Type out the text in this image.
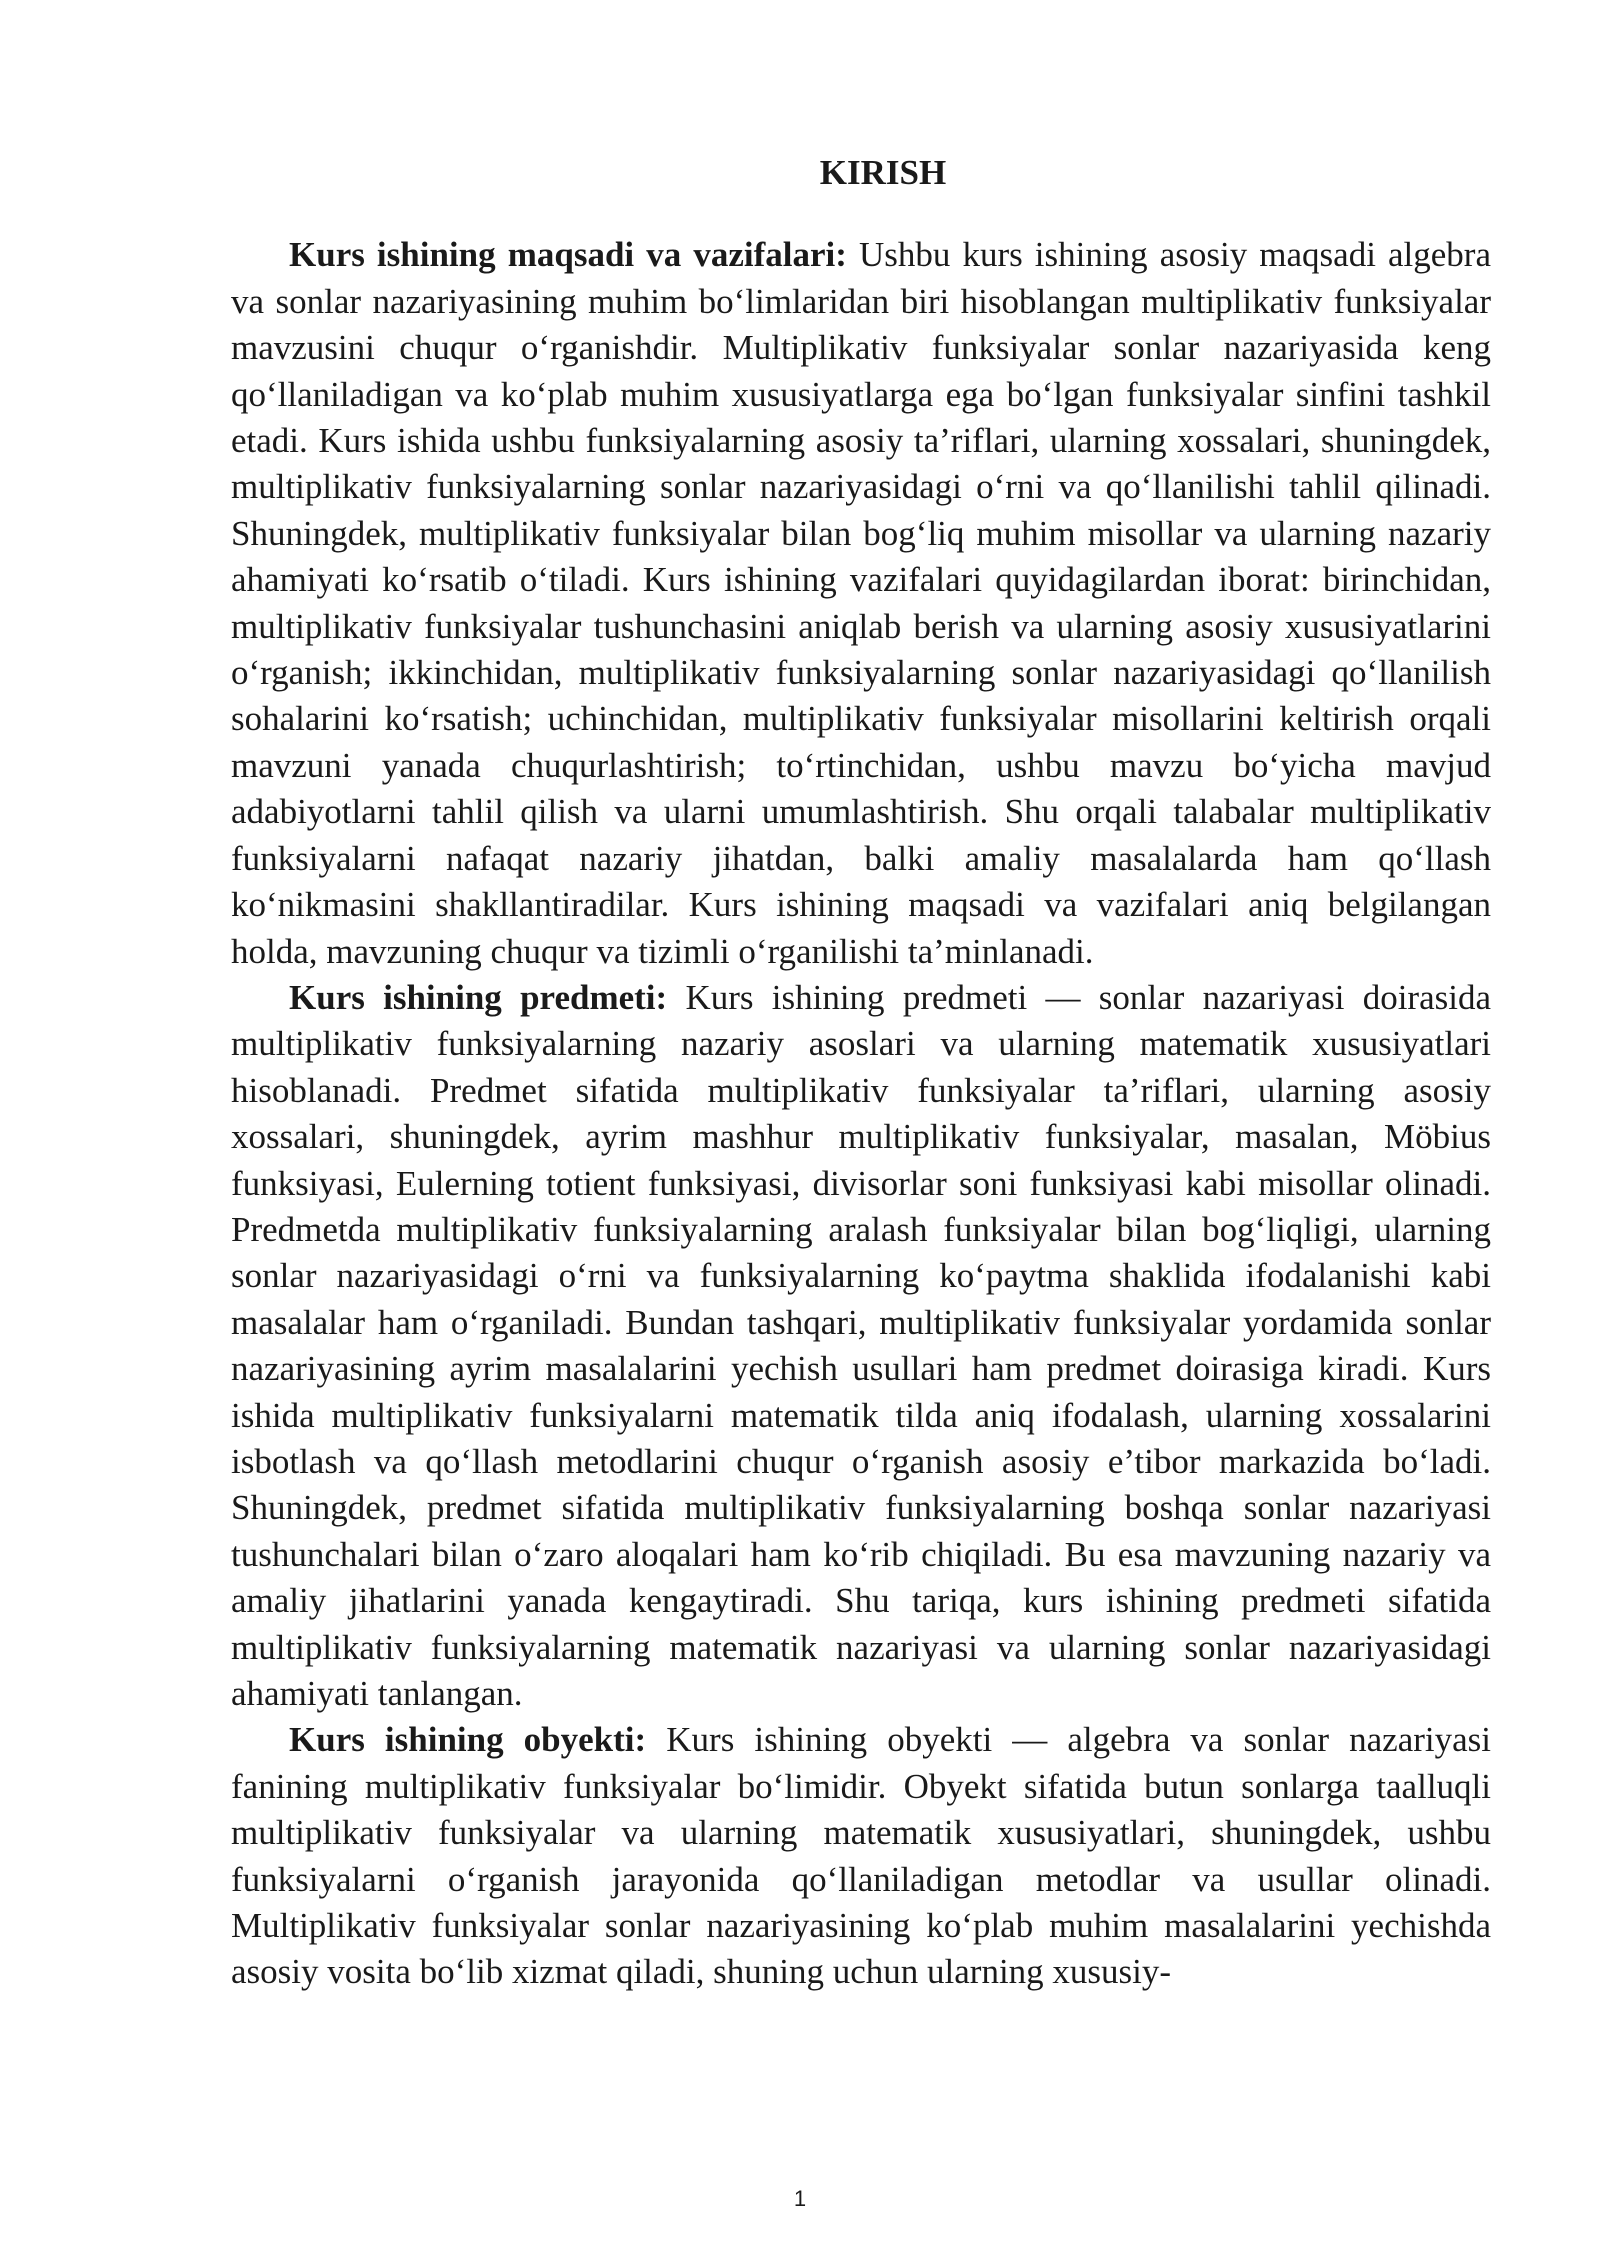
KIRISH

Kurs ishining maqsadi va vazifalari: Ushbu kurs ishining asosiy maqsadi algebra va sonlar nazariyasining muhim bo‘limlaridan biri hisoblangan multiplikativ funksiyalar mavzusini chuqur o‘rganishdir. Multiplikativ funksiyalar sonlar nazariyasida keng qo‘llaniladigan va ko‘plab muhim xususiyatlarga ega bo‘lgan funksiyalar sinfini tashkil etadi. Kurs ishida ushbu funksiyalarning asosiy ta’riflari, ularning xossalari, shuningdek, multiplikativ funksiyalarning sonlar nazariyasidagi o‘rni va qo‘llanilishi tahlil qilinadi. Shuningdek, multiplikativ funksiyalar bilan bog‘liq muhim misollar va ularning nazariy ahamiyati ko‘rsatib o‘tiladi. Kurs ishining vazifalari quyidagilardan iborat: birinchidan, multiplikativ funksiyalar tushunchasini aniqlab berish va ularning asosiy xususiyatlarini o‘rganish; ikkinchidan, multiplikativ funksiyalarning sonlar nazariyasidagi qo‘llanilish sohalarini ko‘rsatish; uchinchidan, multiplikativ funksiyalar misollarini keltirish orqali mavzuni yanada chuqurlashtirish; to‘rtinchidan, ushbu mavzu bo‘yicha mavjud adabiyotlarni tahlil qilish va ularni umumlashtirish. Shu orqali talabalar multiplikativ funksiyalarni nafaqat nazariy jihatdan, balki amaliy masalalarda ham qo‘llash ko‘nikmasini shakllantiradilar. Kurs ishining maqsadi va vazifalari aniq belgilangan holda, mavzuning chuqur va tizimli o‘rganilishi ta’minlanadi.

Kurs ishining predmeti: Kurs ishining predmeti — sonlar nazariyasi doirasida multiplikativ funksiyalarning nazariy asoslari va ularning matematik xususiyatlari hisoblanadi. Predmet sifatida multiplikativ funksiyalar ta’riflari, ularning asosiy xossalari, shuningdek, ayrim mashhur multiplikativ funksiyalar, masalan, Möbius funksiyasi, Eulerning totient funksiyasi, divisorlar soni funksiyasi kabi misollar olinadi. Predmetda multiplikativ funksiyalarning aralash funksiyalar bilan bog‘liqligi, ularning sonlar nazariyasidagi o‘rni va funksiyalarning ko‘paytma shaklida ifodalanishi kabi masalalar ham o‘rganiladi. Bundan tashqari, multiplikativ funksiyalar yordamida sonlar nazariyasining ayrim masalalarini yechish usullari ham predmet doirasiga kiradi. Kurs ishida multiplikativ funksiyalarni matematik tilda aniq ifodalash, ularning xossalarini isbotlash va qo‘llash metodlarini chuqur o‘rganish asosiy e’tibor markazida bo‘ladi. Shuningdek, predmet sifatida multiplikativ funksiyalarning boshqa sonlar nazariyasi tushunchalari bilan o‘zaro aloqalari ham ko‘rib chiqiladi. Bu esa mavzuning nazariy va amaliy jihatlarini yanada kengaytiradi. Shu tariqa, kurs ishining predmeti sifatida multiplikativ funksiyalarning matematik nazariyasi va ularning sonlar nazariyasidagi ahamiyati tanlangan.

Kurs ishining obyekti: Kurs ishining obyekti — algebra va sonlar nazariyasi fanining multiplikativ funksiyalar bo‘limidir. Obyekt sifatida butun sonlarga taalluqli multiplikativ funksiyalar va ularning matematik xususiyatlari, shuningdek, ushbu funksiyalarni o‘rganish jarayonida qo‘llaniladigan metodlar va usullar olinadi. Multiplikativ funksiyalar sonlar nazariyasining ko‘plab muhim masalalarini yechishda asosiy vosita bo‘lib xizmat qiladi, shuning uchun ularning xususiy-

1
